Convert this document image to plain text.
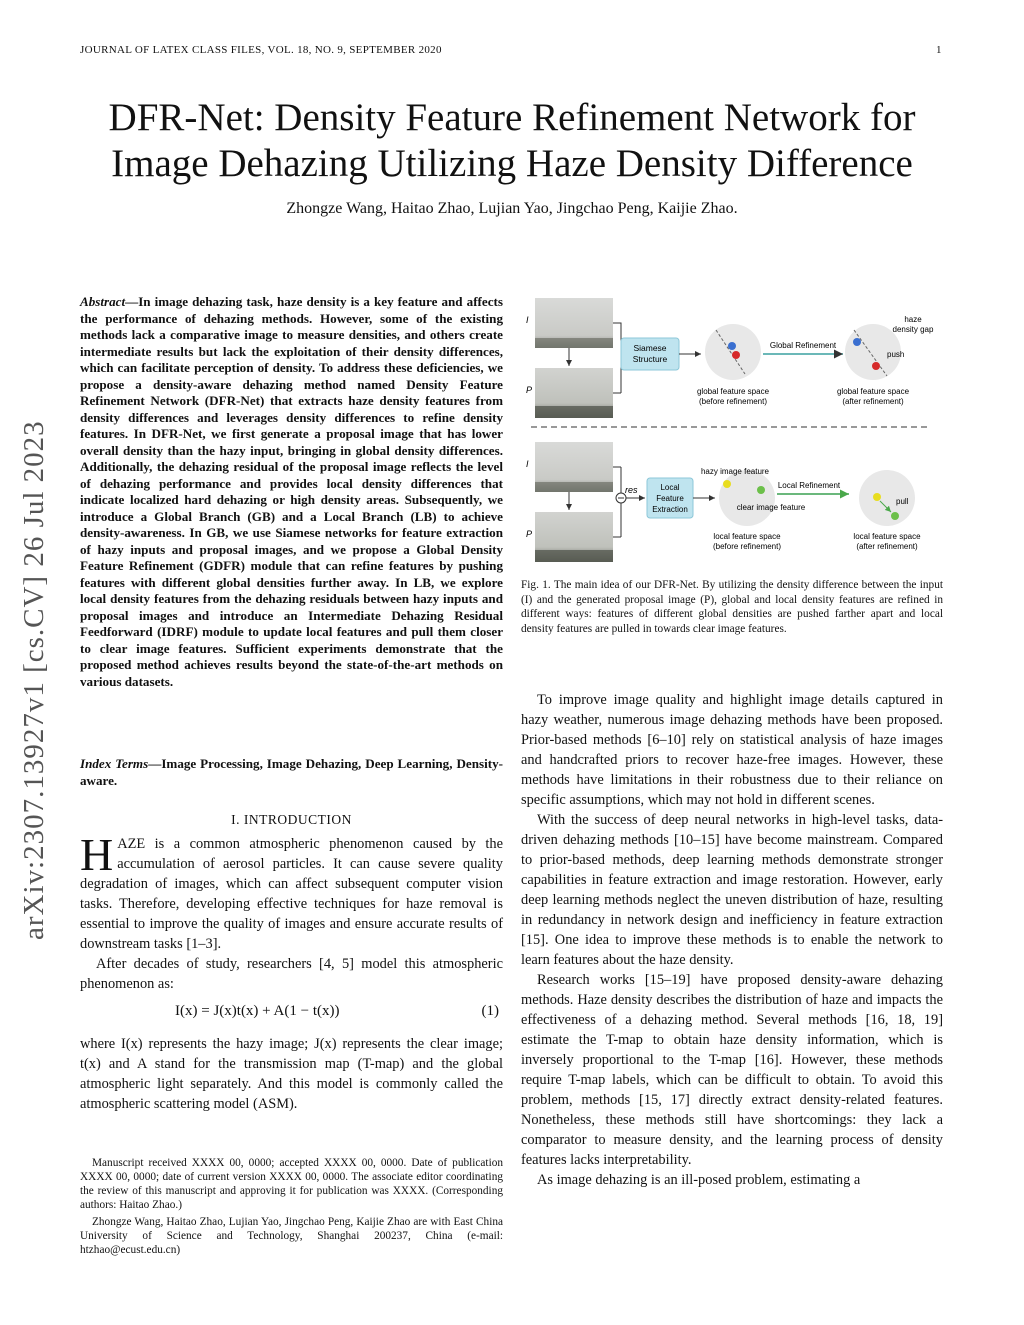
JOURNAL OF LATEX CLASS FILES, VOL. 18, NO. 9, SEPTEMBER 2020	1
DFR-Net: Density Feature Refinement Network for
Image Dehazing Utilizing Haze Density Difference
Zhongze Wang, Haitao Zhao, Lujian Yao, Jingchao Peng, Kaijie Zhao.
arXiv:2307.13927v1 [cs.CV] 26 Jul 2023
Abstract—In image dehazing task, haze density is a key feature and affects the performance of dehazing methods. However, some of the existing methods lack a comparative image to measure densities, and others create intermediate results but lack the exploitation of their density differences, which can facilitate perception of density. To address these deficiencies, we propose a density-aware dehazing method named Density Feature Refinement Network (DFR-Net) that extracts haze density features from density differences and leverages density differences to refine density features. In DFR-Net, we first generate a proposal image that has lower overall density than the hazy input, bringing in global density differences. Additionally, the dehazing residual of the proposal image reflects the level of dehazing performance and provides local density differences that indicate localized hard dehazing or high density areas. Subsequently, we introduce a Global Branch (GB) and a Local Branch (LB) to achieve density-awareness. In GB, we use Siamese networks for feature extraction of hazy inputs and proposal images, and we propose a Global Density Feature Refinement (GDFR) module that can refine features by pushing features with different global densities further away. In LB, we explore local density features from the dehazing residuals between hazy inputs and proposal images and introduce an Intermediate Dehazing Residual Feedforward (IDRF) module to update local features and pull them closer to clear image features. Sufficient experiments demonstrate that the proposed method achieves results beyond the state-of-the-art methods on various datasets.
Index Terms—Image Processing, Image Dehazing, Deep Learning, Density-aware.
I. INTRODUCTION

HAZE is a common atmospheric phenomenon caused by the accumulation of aerosol particles. It can cause severe quality degradation of images, which can affect subsequent computer vision tasks. Therefore, developing effective techniques for haze removal is essential to improve the quality of images and ensure accurate results of downstream tasks [1–3].

After decades of study, researchers [4, 5] model this atmospheric phenomenon as:

I(x) = J(x)t(x) + A(1 − t(x))	(1)

where I(x) represents the hazy image; J(x) represents the clear image; t(x) and A stand for the transmission map (T-map) and the global atmospheric light separately. And this model is commonly called the atmospheric scattering model (ASM).

Manuscript received XXXX 00, 0000; accepted XXXX 00, 0000. Date of publication XXXX 00, 0000; date of current version XXXX 00, 0000. The associate editor coordinating the review of this manuscript and approving it for publication was XXXX. (Corresponding authors: Haitao Zhao.)

Zhongze Wang, Haitao Zhao, Lujian Yao, Jingchao Peng, Kaijie Zhao are with East China University of Science and Technology, Shanghai 200237, China (e-mail: htzhao@ecust.edu.cn)

I
P
Siamese
Structure
Global Refinement
haze
density gap
push
global feature space
(before refinement)
global feature space
(after refinement)
I
P
res	Local
Feature
Extraction
hazy image feature
clear image feature
Local Refinement
pull
local feature space
(before refinement)
local feature space
(after refinement)
Fig. 1. The main idea of our DFR-Net. By utilizing the density difference between the input (I) and the generated proposal image (P), global and local density features are refined in different ways: features of different global densities are pushed farther apart and local density features are pulled in towards clear image features.

To improve image quality and highlight image details captured in hazy weather, numerous image dehazing methods have been proposed. Prior-based methods [6–10] rely on statistical analysis of haze images and handcrafted priors to recover haze-free images. However, these methods have limitations in their robustness due to their reliance on specific assumptions, which may not hold in different scenes.

With the success of deep neural networks in high-level tasks, data-driven dehazing methods [10–15] have become mainstream. Compared to prior-based methods, deep learning methods demonstrate stronger capabilities in feature extraction and image restoration. However, early deep learning methods neglect the uneven distribution of haze, resulting in redundancy in network design and inefficiency in feature extraction [15]. One idea to improve these methods is to enable the network to learn features about the haze density.

Research works [15–19] have proposed density-aware dehazing methods. Haze density describes the distribution of haze and impacts the effectiveness of a dehazing method. Several methods [16, 18, 19] estimate the T-map to obtain haze density information, which is inversely proportional to the T-map [16]. However, these methods require T-map labels, which can be difficult to obtain. To avoid this problem, methods [15, 17] directly extract density-related features. Nonetheless, these methods still have shortcomings: they lack a comparator to measure density, and the learning process of density features lacks interpretability.

As image dehazing is an ill-posed problem, estimating a
